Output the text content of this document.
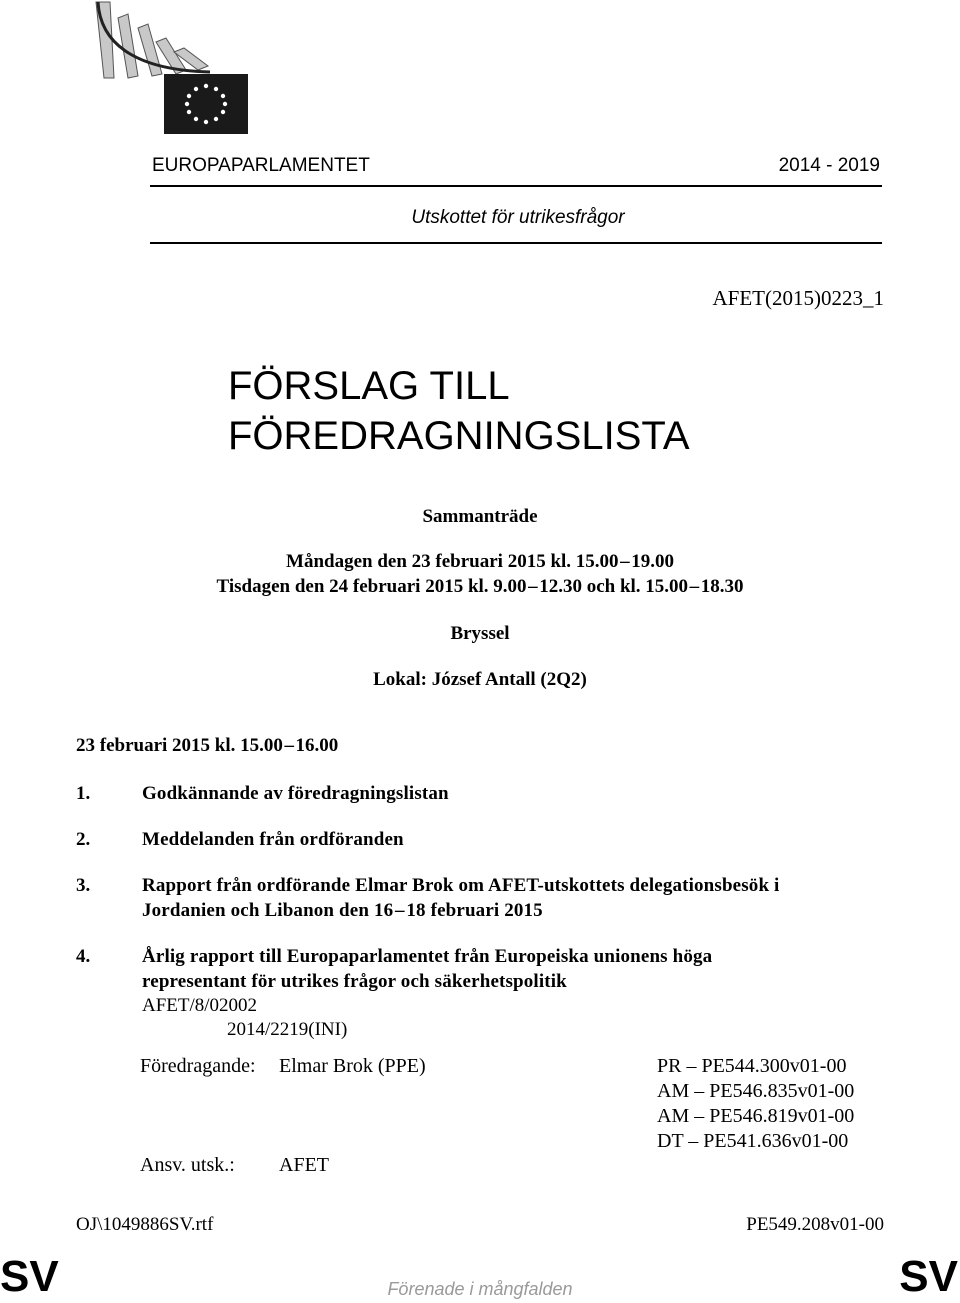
EUROPAPARLAMENTET	2014 - 2019
Utskottet för utrikesfrågor
AFET(2015)0223_1
FÖRSLAG TILL
FÖREDRAGNINGSLISTA
Sammanträde
Måndagen den 23 februari 2015 kl. 15.00 – 19.00
Tisdagen den 24 februari 2015 kl. 9.00 – 12.30 och kl. 15.00 – 18.30
Bryssel
Lokal: József Antall (2Q2)
23 februari 2015 kl. 15.00 – 16.00
1.	Godkännande av föredragningslistan
2.	Meddelanden från ordföranden
3.	Rapport från ordförande Elmar Brok om AFET-utskottets delegationsbesök i
Jordanien och Libanon den 16 – 18 februari 2015
4.	Årlig rapport till Europaparlamentet från Europeiska unionens höga
representant för utrikes frågor och säkerhetspolitik
AFET/8/02002
2014/2219(INI)
Föredragande: Elmar Brok (PPE)	PR – PE544.300v01-00
AM – PE546.835v01-00
AM – PE546.819v01-00
DT – PE541.636v01-00
Ansv. utsk.: AFET
OJ\1049886SV.rtf	PE549.208v01-00
SV	Förenade i mångfalden	SV
